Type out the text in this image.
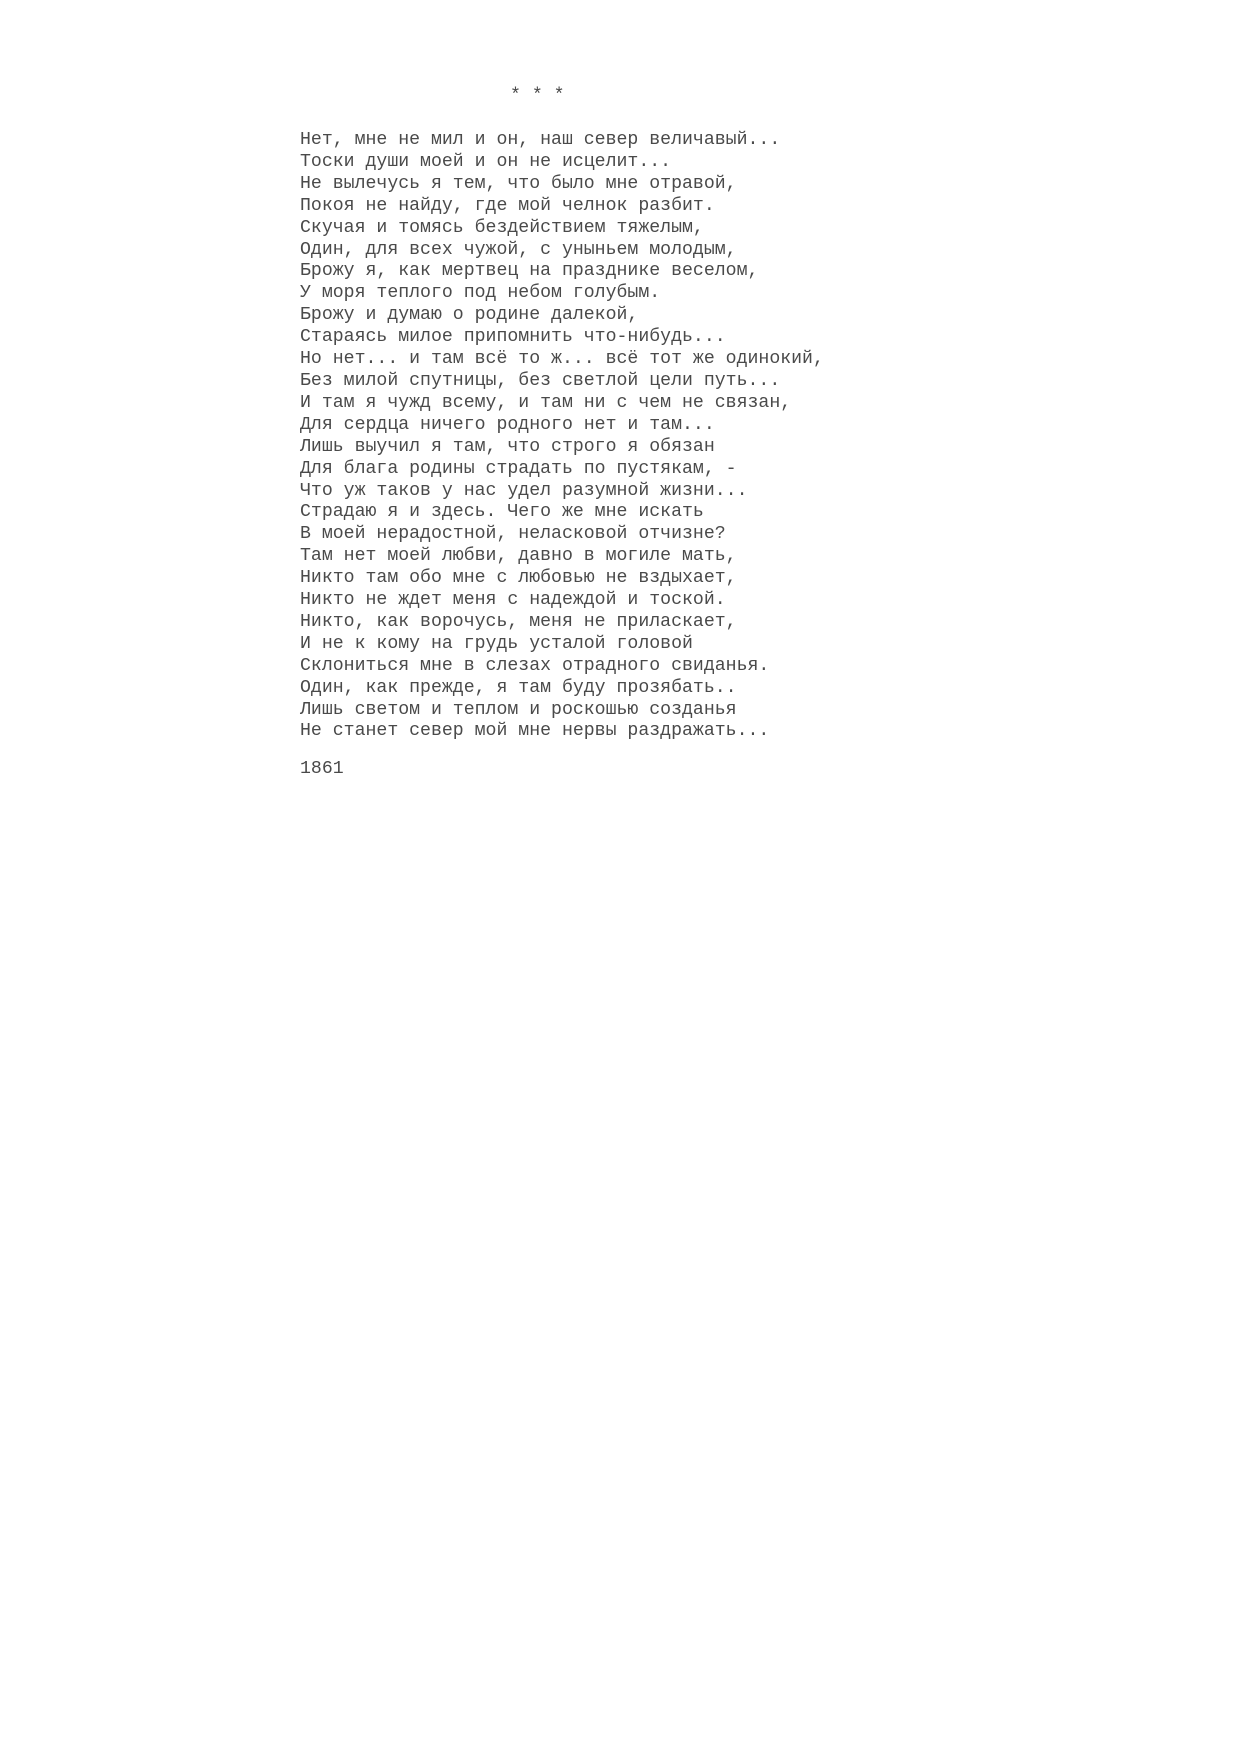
* * *
Нет, мне не мил и он, наш север величавый...
Тоски души моей и он не исцелит...
Не вылечусь я тем, что было мне отравой,
Покоя не найду, где мой челнок разбит.
Скучая и томясь бездействием тяжелым,
Один, для всех чужой, с уныньем молодым,
Брожу я, как мертвец на празднике веселом,
У моря теплого под небом голубым.
Брожу и думаю о родине далекой,
Стараясь милое припомнить что-нибудь...
Но нет... и там всё то ж... всё тот же одинокий,
Без милой спутницы, без светлой цели путь...
И там я чужд всему, и там ни с чем не связан,
Для сердца ничего родного нет и там...
Лишь выучил я там, что строго я обязан
Для блага родины страдать по пустякам, -
Что уж таков у нас удел разумной жизни...
Страдаю я и здесь. Чего же мне искать
В моей нерадостной, неласковой отчизне?
Там нет моей любви, давно в могиле мать,
Никто там обо мне с любовью не вздыхает,
Никто не ждет меня с надеждой и тоской.
Никто, как ворочусь, меня не приласкает,
И не к кому на грудь усталой головой
Склониться мне в слезах отрадного свиданья.
Один, как прежде, я там буду прозябать..
Лишь светом и теплом и роскошью созданья
Не станет север мой мне нервы раздражать...
1861
